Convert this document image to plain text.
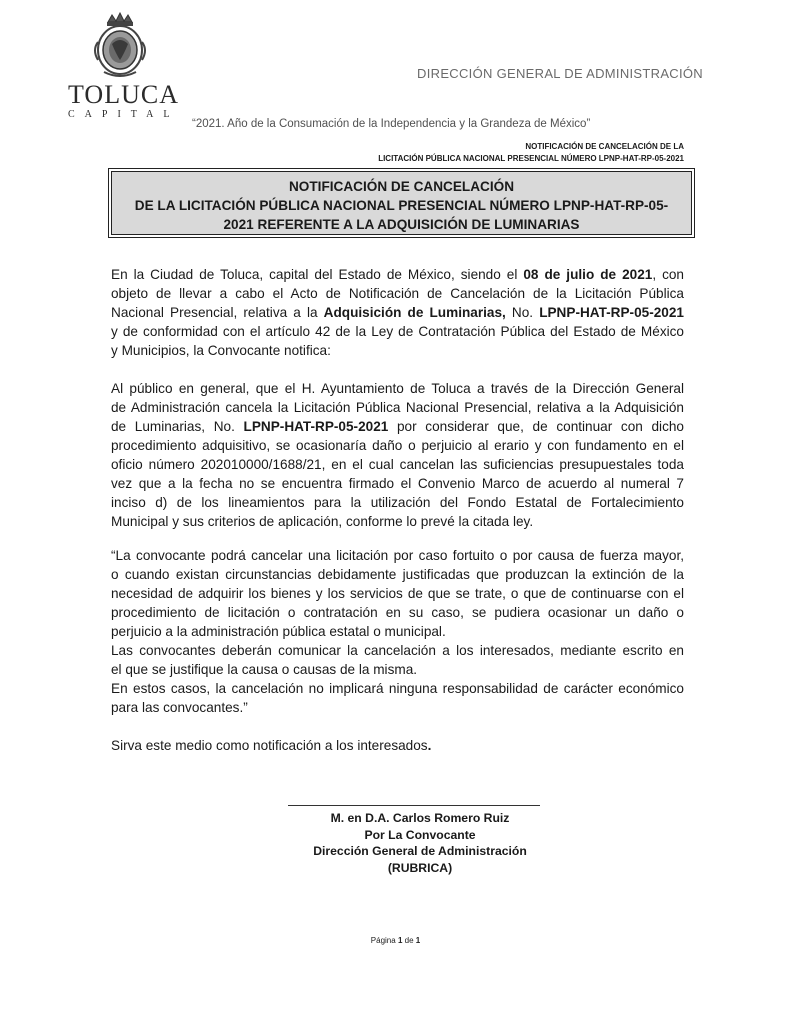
TOLUCA
CAPITAL
DIRECCIÓN GENERAL DE ADMINISTRACIÓN
“2021. Año de la Consumación de la Independencia y la Grandeza de México”
NOTIFICACIÓN DE CANCELACIÓN DE LA
LICITACIÓN PÚBLICA NACIONAL PRESENCIAL NÚMERO LPNP-HAT-RP-05-2021
NOTIFICACIÓN DE CANCELACIÓN
DE LA LICITACIÓN PÚBLICA NACIONAL PRESENCIAL NÚMERO LPNP-HAT-RP-05-
2021 REFERENTE A LA ADQUISICIÓN DE LUMINARIAS
En la Ciudad de Toluca, capital del Estado de México, siendo el 08 de julio de 2021, con
objeto de llevar a cabo el Acto de Notificación de Cancelación de la Licitación Pública
Nacional Presencial, relativa a la Adquisición de Luminarias, No. LPNP-HAT-RP-05-2021
y de conformidad con el artículo 42 de la Ley de Contratación Pública del Estado de México
y Municipios, la Convocante notifica:
Al público en general, que el H. Ayuntamiento de Toluca a través de la Dirección General
de Administración cancela la Licitación Pública Nacional Presencial, relativa a la Adquisición
de Luminarias, No. LPNP-HAT-RP-05-2021 por considerar que, de continuar con dicho
procedimiento adquisitivo, se ocasionaría daño o perjuicio al erario y con fundamento en el
oficio número 202010000/1688/21, en el cual cancelan las suficiencias presupuestales toda
vez que a la fecha no se encuentra firmado el Convenio Marco de acuerdo al numeral 7
inciso d) de los lineamientos para la utilización del Fondo Estatal de Fortalecimiento
Municipal y sus criterios de aplicación, conforme lo prevé la citada ley.
“La convocante podrá cancelar una licitación por caso fortuito o por causa de fuerza mayor,
o cuando existan circunstancias debidamente justificadas que produzcan la extinción de la
necesidad de adquirir los bienes y los servicios de que se trate, o que de continuarse con el
procedimiento de licitación o contratación en su caso, se pudiera ocasionar un daño o
perjuicio a la administración pública estatal o municipal.
Las convocantes deberán comunicar la cancelación a los interesados, mediante escrito en
el que se justifique la causa o causas de la misma.
En estos casos, la cancelación no implicará ninguna responsabilidad de carácter económico
para las convocantes.”
Sirva este medio como notificación a los interesados.
M. en D.A. Carlos Romero Ruiz
Por La Convocante
Dirección General de Administración
(RUBRICA)
Página 1 de 1
